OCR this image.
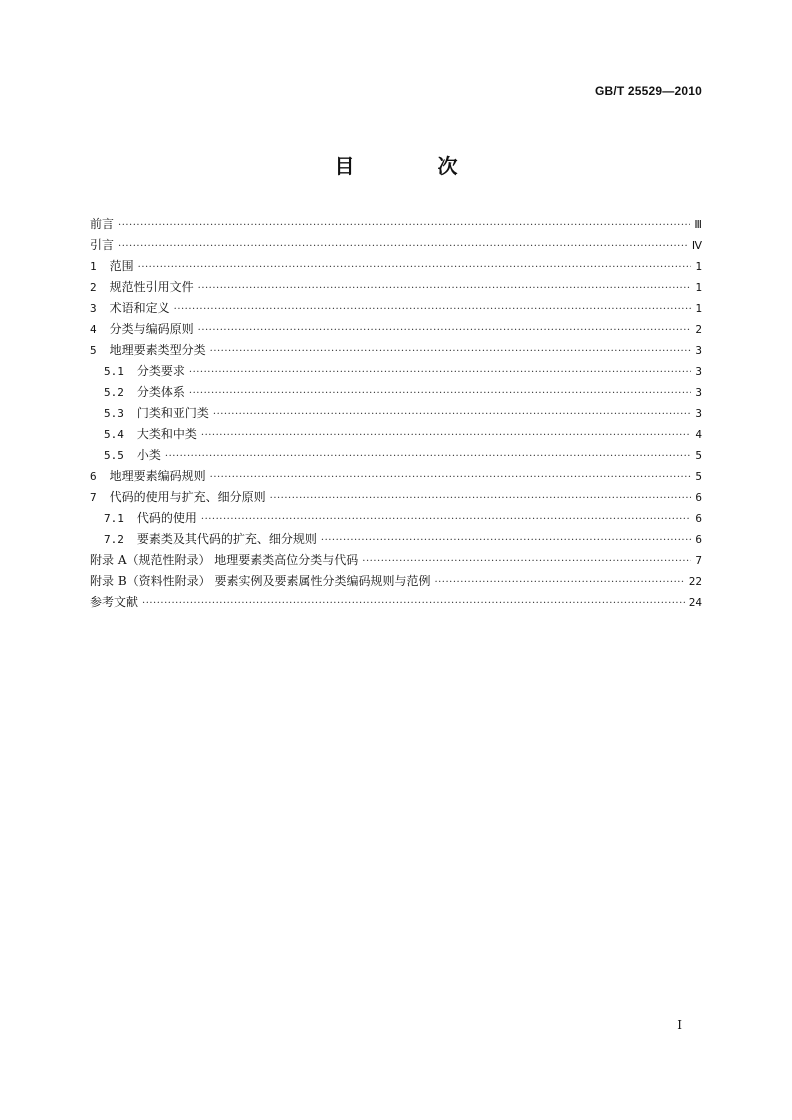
GB/T 25529—2010
目 次
前言 ·····	Ⅲ
引言 ·····	Ⅳ
1	范围 ·····	1
2	规范性引用文件 ·····	1
3	术语和定义 ·····	1
4	分类与编码原则 ·····	2
5	地理要素类型分类 ·····	3
5.1	分类要求 ·····	3
5.2	分类体系 ·····	3
5.3	门类和亚门类 ·····	3
5.4	大类和中类 ·····	4
5.5	小类 ·····	5
6	地理要素编码规则 ·····	5
7	代码的使用与扩充、细分原则 ·····	6
7.1	代码的使用 ·····	6
7.2	要素类及其代码的扩充、细分规则 ·····	6
附录 A（规范性附录） 地理要素类高位分类与代码 ·····	7
附录 B（资料性附录） 要素实例及要素属性分类编码规则与范例 ·····	22
参考文献 ·····	24
I
